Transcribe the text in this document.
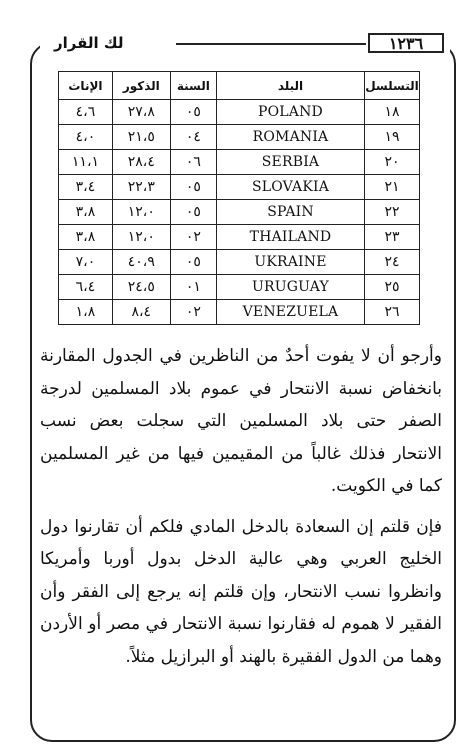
١٢٣٦
لك القرار
الإناث	الذكور	السنة	البلد	التسلسل
٤،٦	٢٧،٨	٠٥	POLAND	١٨
٤،٠	٢١،٥	٠٤	ROMANIA	١٩
١١،١	٢٨،٤	٠٦	SERBIA	٢٠
٣،٤	٢٢،٣	٠٥	SLOVAKIA	٢١
٣،٨	١٢،٠	٠٥	SPAIN	٢٢
٣،٨	١٢،٠	٠٢	THAILAND	٢٣
٧،٠	٤٠،٩	٠٥	UKRAINE	٢٤
٦،٤	٢٤،٥	٠١	URUGUAY	٢٥
١،٨	٨،٤	٠٢	VENEZUELA	٢٦

وأرجو أن لا يفوت أحدٌ من الناظرين في الجدول المقارنة بانخفاض نسبة الانتحار في عموم بلاد المسلمين لدرجة الصفر حتى بلاد المسلمين التي سجلت بعض نسب الانتحار فذلك غالباً من المقيمين فيها من غير المسلمين كما في الكويت.

فإن قلتم إن السعادة بالدخل المادي فلكم أن تقارنوا دول الخليج العربي وهي عالية الدخل بدول أوربا وأمريكا وانظروا نسب الانتحار، وإن قلتم إنه يرجع إلى الفقر وأن الفقير لا هموم له فقارنوا نسبة الانتحار في مصر أو الأردن وهما من الدول الفقيرة بالهند أو البرازيل مثلاً.
